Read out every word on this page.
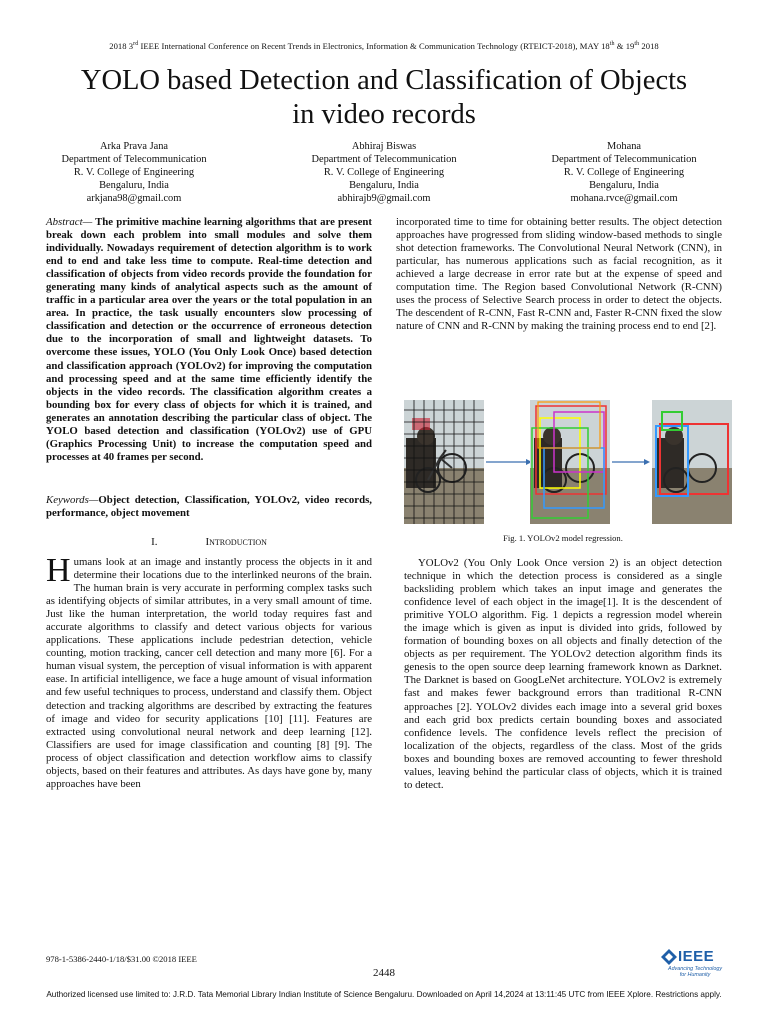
2018 3rd IEEE International Conference on Recent Trends in Electronics, Information & Communication Technology (RTEICT-2018), MAY 18th & 19th 2018
YOLO based Detection and Classification of Objects
in video records
Arka Prava Jana
Department of Telecommunication
R. V. College of Engineering
Bengaluru, India
arkjana98@gmail.com
Abhiraj Biswas
Department of Telecommunication
R. V. College of Engineering
Bengaluru, India
abhirajb9@gmail.com
Mohana
Department of Telecommunication
R. V. College of Engineering
Bengaluru, India
mohana.rvce@gmail.com
Abstract— The primitive machine learning algorithms that are present break down each problem into small modules and solve them individually. Nowadays requirement of detection algorithm is to work end to end and take less time to compute. Real-time detection and classification of objects from video records provide the foundation for generating many kinds of analytical aspects such as the amount of traffic in a particular area over the years or the total population in an area. In practice, the task usually encounters slow processing of classification and detection or the occurrence of erroneous detection due to the incorporation of small and lightweight datasets. To overcome these issues, YOLO (You Only Look Once) based detection and classification approach (YOLOv2) for improving the computation and processing speed and at the same time efficiently identify the objects in the video records. The classification algorithm creates a bounding box for every class of objects for which it is trained, and generates an annotation describing the particular class of object. The YOLO based detection and classification (YOLOv2) use of GPU (Graphics Processing Unit) to increase the computation speed and processes at 40 frames per second.
Keywords—Object detection, Classification, YOLOv2, video records, performance, object movement
I.	Introduction
Humans look at an image and instantly process the objects in it and determine their locations due to the interlinked neurons of the brain. The human brain is very accurate in performing complex tasks such as identifying objects of similar attributes, in a very small amount of time. Just like the human interpretation, the world today requires fast and accurate algorithms to classify and detect various objects for various applications. These applications include pedestrian detection, vehicle counting, motion tracking, cancer cell detection and many more [6]. For a human visual system, the perception of visual information is with apparent ease. In artificial intelligence, we face a huge amount of visual information and few useful techniques to process, understand and classify them. Object detection and tracking algorithms are described by extracting the features of image and video for security applications [10] [11]. Features are extracted using convolutional neural network and deep learning [12]. Classifiers are used for image classification and counting [8] [9]. The process of object classification and detection workflow aims to classify objects, based on their features and attributes. As days have gone by, many approaches have been
incorporated time to time for obtaining better results. The object detection approaches have progressed from sliding window-based methods to single shot detection frameworks. The Convolutional Neural Network (CNN), in particular, has numerous applications such as facial recognition, as it achieved a large decrease in error rate but at the expense of speed and computation time. The Region based Convolutional Network (R-CNN) uses the process of Selective Search process in order to detect the objects. The descendent of R-CNN, Fast R-CNN and, Faster R-CNN fixed the slow nature of CNN and R-CNN by making the training process end to end [2].
Fig. 1. YOLOv2 model regression.
YOLOv2 (You Only Look Once version 2) is an object detection technique in which the detection process is considered as a single backsliding problem which takes an input image and generates the confidence level of each object in the image[1]. It is the descendent of primitive YOLO algorithm. Fig. 1 depicts a regression model wherein the image which is given as input is divided into grids, followed by formation of bounding boxes on all objects and finally detection of the objects as per requirement. The YOLOv2 detection algorithm finds its genesis to the open source deep learning framework known as Darknet. The Darknet is based on GoogLeNet architecture. YOLOv2 is extremely fast and makes fewer background errors than traditional R-CNN approaches [2]. YOLOv2 divides each image into a several grid boxes and each grid box predicts certain bounding boxes and associated confidence levels. The confidence levels reflect the precision of localization of the objects, regardless of the class. Most of the grids boxes and bounding boxes are removed accounting to fewer threshold values, leaving behind the particular class of objects, which it is trained to detect.
978-1-5386-2440-1/18/$31.00 ©2018 IEEE	IEEE
Advancing Technology
for Humanity
2448
Authorized licensed use limited to: J.R.D. Tata Memorial Library Indian Institute of Science Bengaluru. Downloaded on April 14,2024 at 13:11:45 UTC from IEEE Xplore. Restrictions apply.
